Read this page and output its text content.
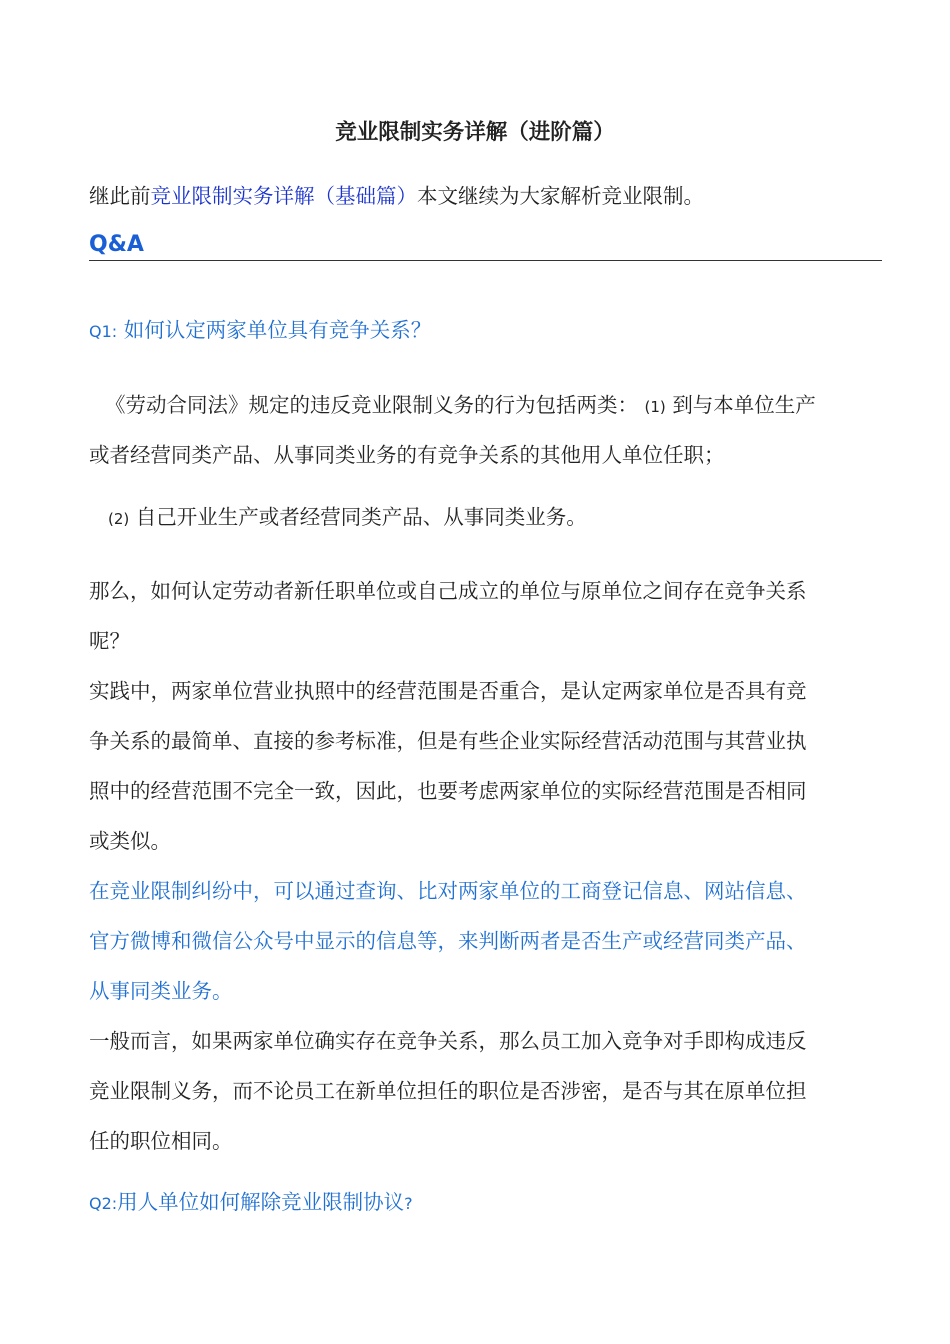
竞业限制实务详解（进阶篇）
继此前竞业限制实务详解（基础篇）本文继续为大家解析竞业限制。
Q&A
Q1: 如何认定两家单位具有竞争关系？
《劳动合同法》规定的违反竞业限制义务的行为包括两类： (1) 到与本单位生产
或者经营同类产品、从事同类业务的有竞争关系的其他用人单位任职；
(2) 自己开业生产或者经营同类产品、从事同类业务。
那么，如何认定劳动者新任职单位或自己成立的单位与原单位之间存在竞争关系
呢？
实践中，两家单位营业执照中的经营范围是否重合，是认定两家单位是否具有竞
争关系的最简单、直接的参考标准，但是有些企业实际经营活动范围与其营业执
照中的经营范围不完全一致，因此，也要考虑两家单位的实际经营范围是否相同
或类似。
在竞业限制纠纷中，可以通过查询、比对两家单位的工商登记信息、网站信息、
官方微博和微信公众号中显示的信息等，来判断两者是否生产或经营同类产品、
从事同类业务。
一般而言，如果两家单位确实存在竞争关系，那么员工加入竞争对手即构成违反
竞业限制义务，而不论员工在新单位担任的职位是否涉密，是否与其在原单位担
任的职位相同。
Q2:用人单位如何解除竞业限制协议?
